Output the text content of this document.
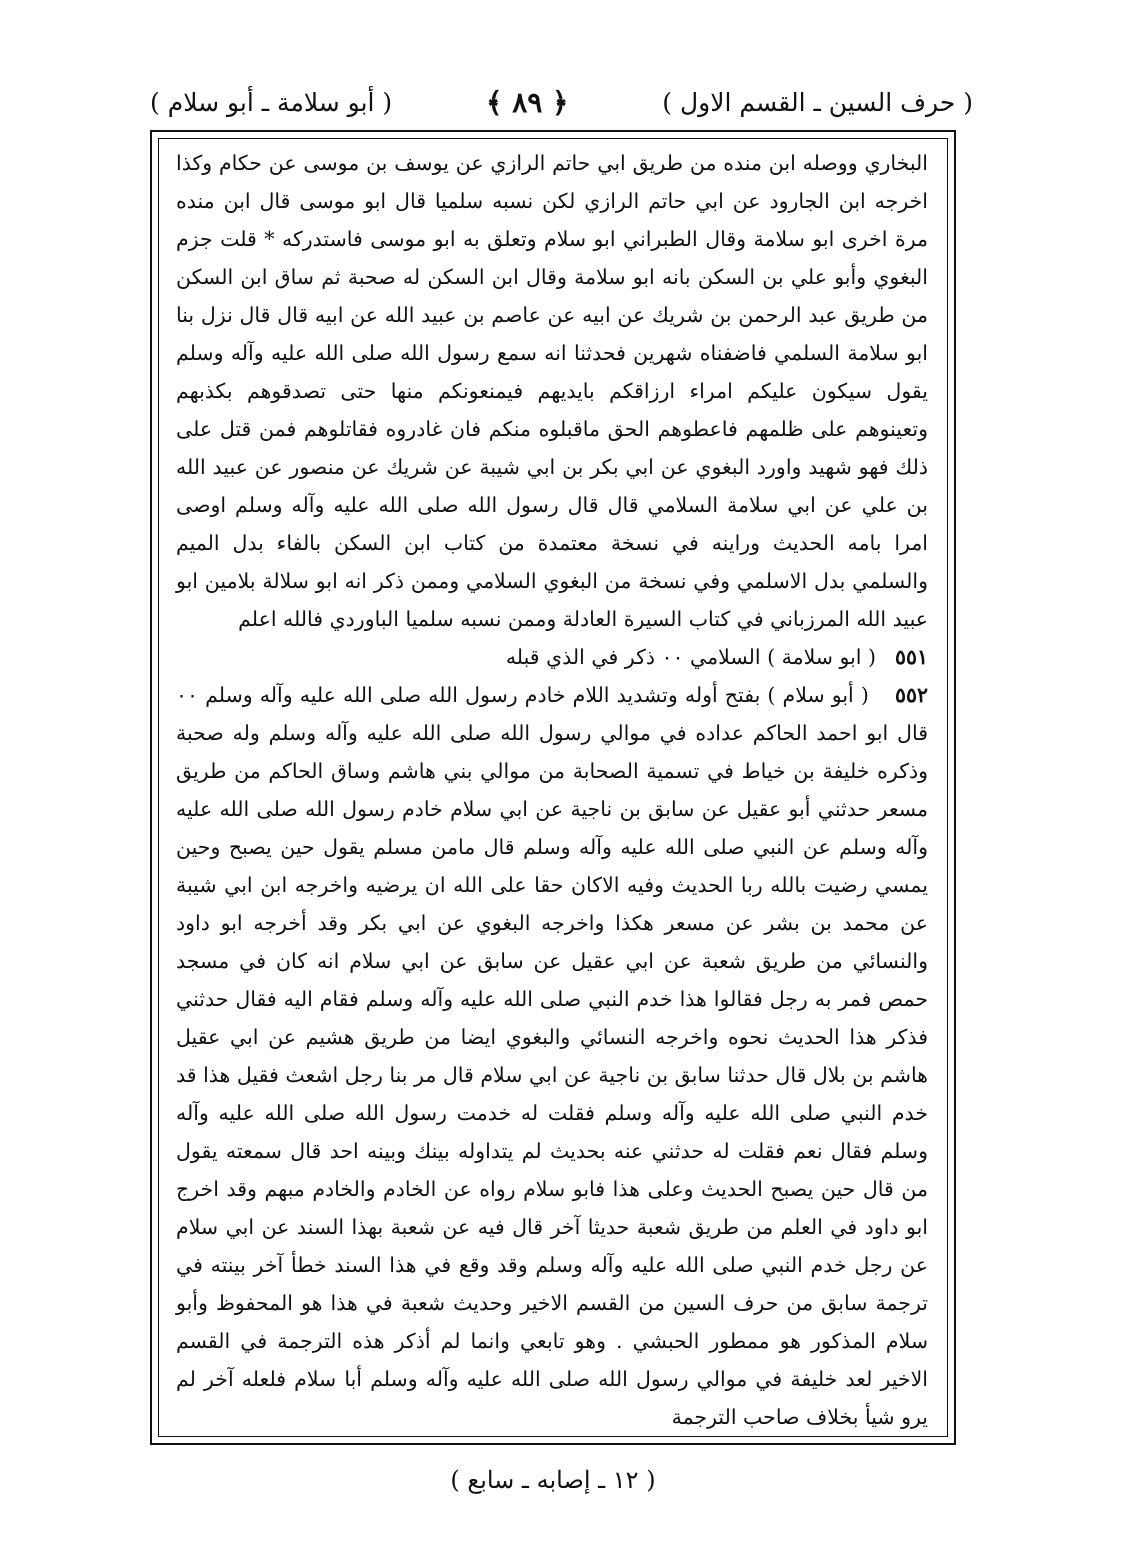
( حرف السين ـ القسم الاول )
﴿ ٨٩ ﴾
( أبو سلامة ـ أبو سلام )

البخاري ووصله ابن منده من طريق ابي حاتم الرازي عن يوسف بن موسى عن حكام وكذا اخرجه ابن الجارود عن ابي حاتم الرازي لكن نسبه سلميا قال ابو موسى قال ابن منده مرة اخرى ابو سلامة وقال الطبراني ابو سلام وتعلق به ابو موسى فاستدركه * قلت جزم البغوي وأبو علي بن السكن بانه ابو سلامة وقال ابن السكن له صحبة ثم ساق ابن السكن من طريق عبد الرحمن بن شريك عن ابيه عن عاصم بن عبيد الله عن ابيه قال قال نزل بنا ابو سلامة السلمي فاضفناه شهرين فحدثنا انه سمع رسول الله صلى الله عليه وآله وسلم يقول سيكون عليكم امراء ارزاقكم بايديهم فيمنعونكم منها حتى تصدقوهم بكذبهم وتعينوهم على ظلمهم فاعطوهم الحق ماقبلوه منكم فان غادروه فقاتلوهم فمن قتل على ذلك فهو شهيد واورد البغوي عن ابي بكر بن ابي شيبة عن شريك عن منصور عن عبيد الله بن علي عن ابي سلامة السلامي قال قال رسول الله صلى الله عليه وآله وسلم اوصى امرا بامه الحديث وراينه في نسخة معتمدة من كتاب ابن السكن بالفاء بدل الميم والسلمي بدل الاسلمي وفي نسخة من البغوي السلامي وممن ذكر انه ابو سلالة بلامين ابو عبيد الله المرزباني في كتاب السيرة العادلة وممن نسبه سلميا الباوردي فالله اعلم

٥٥١
( ابو سلامة ) السلامي ٠٠ ذكر في الذي قبله

٥٥٢ ( أبو سلام ) بفتح أوله وتشديد اللام خادم رسول الله صلى الله عليه وآله وسلم ٠٠ قال ابو احمد الحاكم عداده في موالي رسول الله صلى الله عليه وآله وسلم وله صحبة وذكره خليفة بن خياط في تسمية الصحابة من موالي بني هاشم وساق الحاكم من طريق مسعر حدثني أبو عقيل عن سابق بن ناجية عن ابي سلام خادم رسول الله صلى الله عليه وآله وسلم عن النبي صلى الله عليه وآله وسلم قال مامن مسلم يقول حين يصبح وحين يمسي رضيت بالله ربا الحديث وفيه الاكان حقا على الله ان يرضيه واخرجه ابن ابي شيبة عن محمد بن بشر عن مسعر هكذا واخرجه البغوي عن ابي بكر وقد أخرجه ابو داود والنسائي من طريق شعبة عن ابي عقيل عن سابق عن ابي سلام انه كان في مسجد حمص فمر به رجل فقالوا هذا خدم النبي صلى الله عليه وآله وسلم فقام اليه فقال حدثني فذكر هذا الحديث نحوه واخرجه النسائي والبغوي ايضا من طريق هشيم عن ابي عقيل هاشم بن بلال قال حدثنا سابق بن ناجية عن ابي سلام قال مر بنا رجل اشعث فقيل هذا قد خدم النبي صلى الله عليه وآله وسلم فقلت له خدمت رسول الله صلى الله عليه وآله وسلم فقال نعم فقلت له حدثني عنه بحديث لم يتداوله بينك وبينه احد قال سمعته يقول من قال حين يصبح الحديث وعلى هذا فابو سلام رواه عن الخادم والخادم مبهم وقد اخرج ابو داود في العلم من طريق شعبة حديثا آخر قال فيه عن شعبة بهذا السند عن ابي سلام عن رجل خدم النبي صلى الله عليه وآله وسلم وقد وقع في هذا السند خطأ آخر بينته في ترجمة سابق من حرف السين من القسم الاخير وحديث شعبة في هذا هو المحفوظ وأبو سلام المذكور هو ممطور الحبشي . وهو تابعي وانما لم أذكر هذه الترجمة في القسم الاخير لعد خليفة في موالي رسول الله صلى الله عليه وآله وسلم أبا سلام فلعله آخر لم يرو شيأ بخلاف صاحب الترجمة

( ١٢ ـ إصابه ـ سابع )
